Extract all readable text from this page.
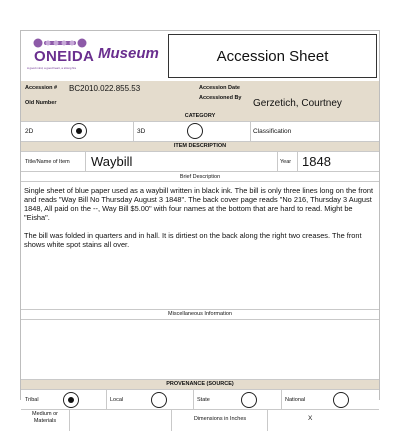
ONEIDA
A good mind, a good heart, a strong fire
Museum	Accession Sheet
Accession # BC2010.022.855.53	Accession Date
Old Number
Accessioned By Gerzetich, Courtney
CATEGORY
2D	3D	Classification
ITEM DESCRIPTION
Title/Name of Item Waybill	Year 1848
Brief Description

Single sheet of blue paper used as a waybill written in black ink. The bill is only three lines long on the front and reads "Way Bill No Thursday August 3 1848". The back cover page reads "No 216, Thursday 3 August 1848, All paid on the --, Way Bill $5.00" with four names at the bottom that are hard to read. Might be "Eisha".

The bill was folded in quarters and in hall. It is dirtiest on the back along the right two creases. The front shows white spot stains all over.

Miscellaneous Information
PROVENANCE (SOURCE)
Tribal	Local	State	National
Medium or Materials	Dimensions in Inches	X
